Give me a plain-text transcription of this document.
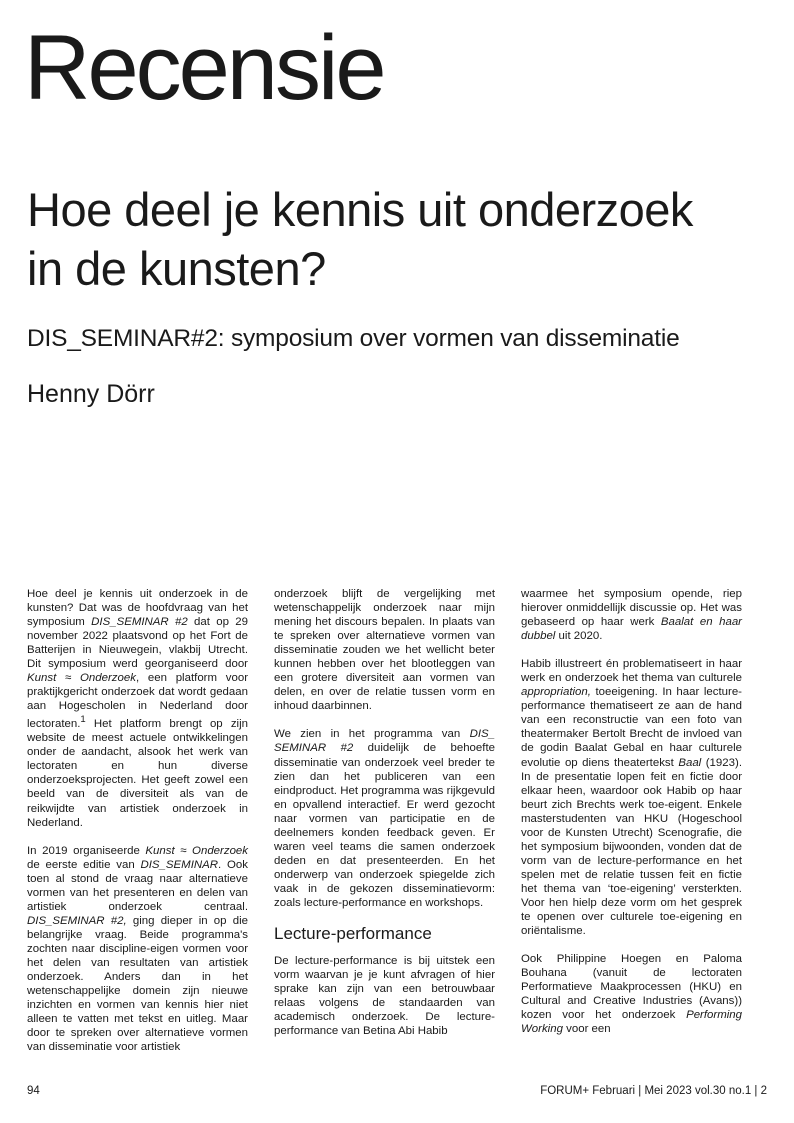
Recensie
Hoe deel je kennis uit onderzoek in de kunsten?
DIS_SEMINAR#2: symposium over vormen van disseminatie
Henny Dörr

Hoe deel je kennis uit onderzoek in de kunsten? Dat was de hoofdvraag van het symposium DIS_SEMINAR #2 dat op 29 november 2022 plaatsvond op het Fort de Batterijen in Nieuwegein, vlakbij Utrecht. Dit symposium werd georganiseerd door Kunst ≈ Onderzoek, een platform voor praktijkgericht onderzoek dat wordt gedaan aan Hogescholen in Nederland door lectoraten.$^1$ Het platform brengt op zijn website de meest actuele ontwikkelingen onder de aandacht, alsook het werk van lectoraten en hun diverse onderzoeksprojecten. Het geeft zowel een beeld van de diversiteit als van de reikwijdte van artistiek onderzoek in Nederland.

In 2019 organiseerde Kunst ≈ Onderzoek de eerste editie van DIS_SEMINAR. Ook toen al stond de vraag naar alternatieve vormen van het presenteren en delen van artistiek onderzoek centraal. DIS_SEMINAR #2, ging dieper in op die belangrijke vraag. Beide programma's zochten naar discipline-eigen vormen voor het delen van resultaten van artistiek onderzoek. Anders dan in het wetenschappelijke domein zijn nieuwe inzichten en vormen van kennis hier niet alleen te vatten met tekst en uitleg. Maar door te spreken over alternatieve vormen van disseminatie voor artistiek

onderzoek blijft de vergelijking met wetenschappelijk onderzoek naar mijn mening het discours bepalen. In plaats van te spreken over alternatieve vormen van disseminatie zouden we het wellicht beter kunnen hebben over het blootleggen van een grotere diversiteit aan vormen van delen, en over de relatie tussen vorm en inhoud daarbinnen.

We zien in het programma van DIS_ SEMINAR #2 duidelijk de behoefte disseminatie van onderzoek veel breder te zien dan het publiceren van een eindproduct. Het programma was rijkgevuld en opvallend interactief. Er werd gezocht naar vormen van participatie en de deelnemers konden feedback geven. Er waren veel teams die samen onderzoek deden en dat presenteerden. En het onderwerp van onderzoek spiegelde zich vaak in de gekozen disseminatievorm: zoals lecture-performance en workshops.

Lecture-performance

De lecture-performance is bij uitstek een vorm waarvan je je kunt afvragen of hier sprake kan zijn van een betrouwbaar relaas volgens de standaarden van academisch onderzoek. De lecture-performance van Betina Abi Habib

waarmee het symposium opende, riep hierover onmiddellijk discussie op. Het was gebaseerd op haar werk Baalat en haar dubbel uit 2020.

Habib illustreert én problematiseert in haar werk en onderzoek het thema van culturele appropriation, toeeigening. In haar lecture-performance thematiseert ze aan de hand van een reconstructie van een foto van theatermaker Bertolt Brecht de invloed van de godin Baalat Gebal en haar culturele evolutie op diens theatertekst Baal (1923). In de presentatie lopen feit en fictie door elkaar heen, waardoor ook Habib op haar beurt zich Brechts werk toe-eigent. Enkele masterstudenten van HKU (Hogeschool voor de Kunsten Utrecht) Scenografie, die het symposium bijwoonden, vonden dat de vorm van de lecture-performance en het spelen met de relatie tussen feit en fictie het thema van ‘toe-eigening’ versterkten. Voor hen hielp deze vorm om het gesprek te openen over culturele toe-eigening en oriëntalisme.

Ook Philippine Hoegen en Paloma Bouhana (vanuit de lectoraten Performatieve Maakprocessen (HKU) en Cultural and Creative Industries (Avans)) kozen voor het onderzoek Performing Working voor een

94	FORUM+ Februari | Mei 2023 vol.30 no.1 | 2
